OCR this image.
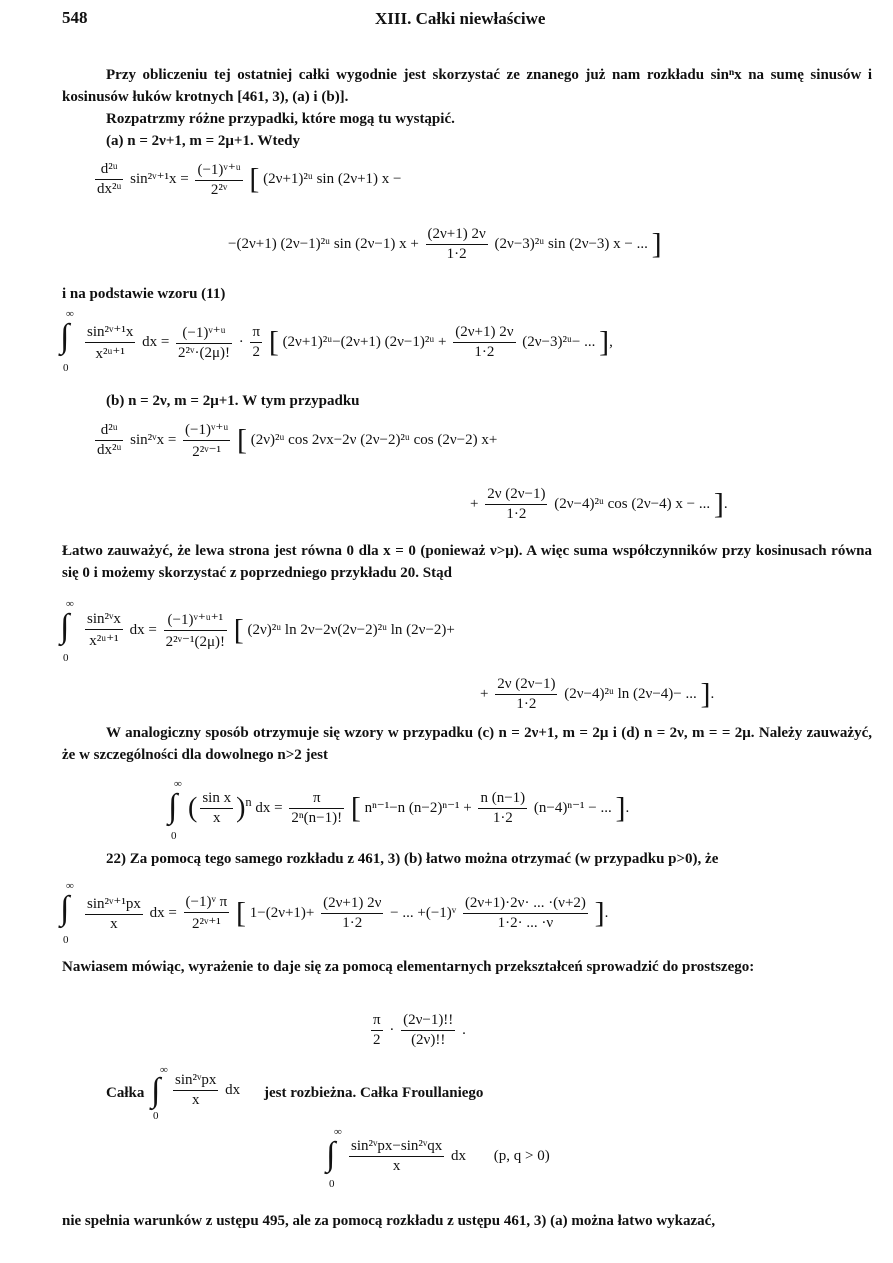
548	XIII. Całki niewłaściwe
Przy obliczeniu tej ostatniej całki wygodnie jest skorzystać ze znanego już nam rozkładu sinⁿx na sumę sinusów i kosinusów łuków krotnych [461, 3), (a) i (b)].
Rozpatrzmy różne przypadki, które mogą tu wystąpić.
(a) n = 2ν+1, m = 2μ+1. Wtedy
$\frac{\text{d²ᵘ}}{\text{dx²ᵘ}}$ sin²ᵛ⁺¹x = $\frac{\text{(−1)ᵛ⁺ᵘ}}{\text{2²ᵛ}}$ [ (2ν+1)²ᵘ sin (2ν+1) x −
−(2ν+1) (2ν−1)²ᵘ sin (2ν−1) $x + \frac{(2\nu+1) 2\nu}{1\cdot 2}$ (2ν−3)²ᵘ sin (2ν−3) x − ... ]
i na podstawie wzoru (11)
∞
∫
0
$\frac{\text{sin²ᵛ⁺¹x}}{\text{x²ᵘ⁺¹}}$ dx = $\frac{\text{(−1)ᵛ⁺ᵘ}}{\text{2²ᵛ·(2μ)!}} \cdot \frac{\pi}{2}$ [ (2ν+1)²ᵘ−(2ν+1) (2ν−1)²ᵘ + $\frac{(2\nu+1) 2\nu}{1\cdot 2}$ (2ν−3)²ᵘ− ... ],
(b) n = 2ν, m = 2μ+1. W tym przypadku
$\frac{\text{d²ᵘ}}{\text{dx²ᵘ}}$ sin²ᵛx = $\frac{\text{(−1)ᵛ⁺ᵘ}}{\text{2²ᵛ⁻¹}}$ [ (2ν)²ᵘ cos 2νx−2ν (2ν−2)²ᵘ cos (2ν−2) x+
+ $\frac{2\nu (2\nu-1)}{1\cdot 2}$ (2ν−4)²ᵘ cos (2ν−4) x − ... ].
Łatwo zauważyć, że lewa strona jest równa 0 dla x = 0 (ponieważ ν>μ). A więc suma współczynników przy kosinusach równa się 0 i możemy skorzystać z poprzedniego przykładu 20. Stąd
∞
∫
0
$\frac{\text{sin²ᵛx}}{\text{x²ᵘ⁺¹}}$ dx = $\frac{\text{(−1)ᵛ⁺ᵘ⁺¹}}{\text{2²ᵛ⁻¹(2μ)!}}$ [ (2ν)²ᵘ ln 2ν−2ν(2ν−2)²ᵘ ln (2ν−2)+
+ $\frac{2\nu (2\nu-1)}{1\cdot 2}$ (2ν−4)²ᵘ ln (2ν−4)− ... ].
W analogiczny sposób otrzymuje się wzory w przypadku (c) n = 2ν+1, m = 2μ i (d) n = 2ν, m = = 2μ. Należy zauważyć, że w szczególności dla dowolnego n>2 jest
∞
∫
0
( $\frac{\text{sin x}}{x} )^n$ dx = $\frac{\pi}{\text{2ⁿ(n−1)!}}$ [ nⁿ⁻¹−n $(n-2)^{n-1} + \frac{n (n-1)}{1\cdot 2} (n-4)^{n-1}$ − ... ].
22) Za pomocą tego samego rozkładu z 461, 3) (b) łatwo można otrzymać (w przypadku p>0), że
∞
∫
0
$\frac{\text{sin²ᵛ⁺¹px}}{x}$ dx = $\frac{\text{(−1)ᵛ π}}{\text{2²ᵛ⁺¹}}$ [ $1-(2\nu+1)+ \frac{(2\nu+1) 2\nu}{1\cdot 2}$ − ... +(−1)ᵛ $\frac{(2\nu+1)\cdot 2\nu\cdot ... \cdot(\nu+2)}{1\cdot 2\cdot ... \cdot\nu}$ ].
Nawiasem mówiąc, wyrażenie to daje się za pomocą elementarnych przekształceń sprowadzić do prostszego:
$\frac{\pi}{2} \cdot \frac{(2\nu-1)!!}{(2\nu)!!}$ .
Całka
∞
∫
0
$\frac{\text{sin²ᵛpx}}{x}$ dx jest rozbieżna. Całka Froullaniego
∞
∫
0
$\frac{\text{sin²ᵛpx−sin²ᵛqx}}{x}$ dx (p, q > 0)
nie spełnia warunków z ustępu 495, ale za pomocą rozkładu z ustępu 461, 3) (a) można łatwo wykazać,
